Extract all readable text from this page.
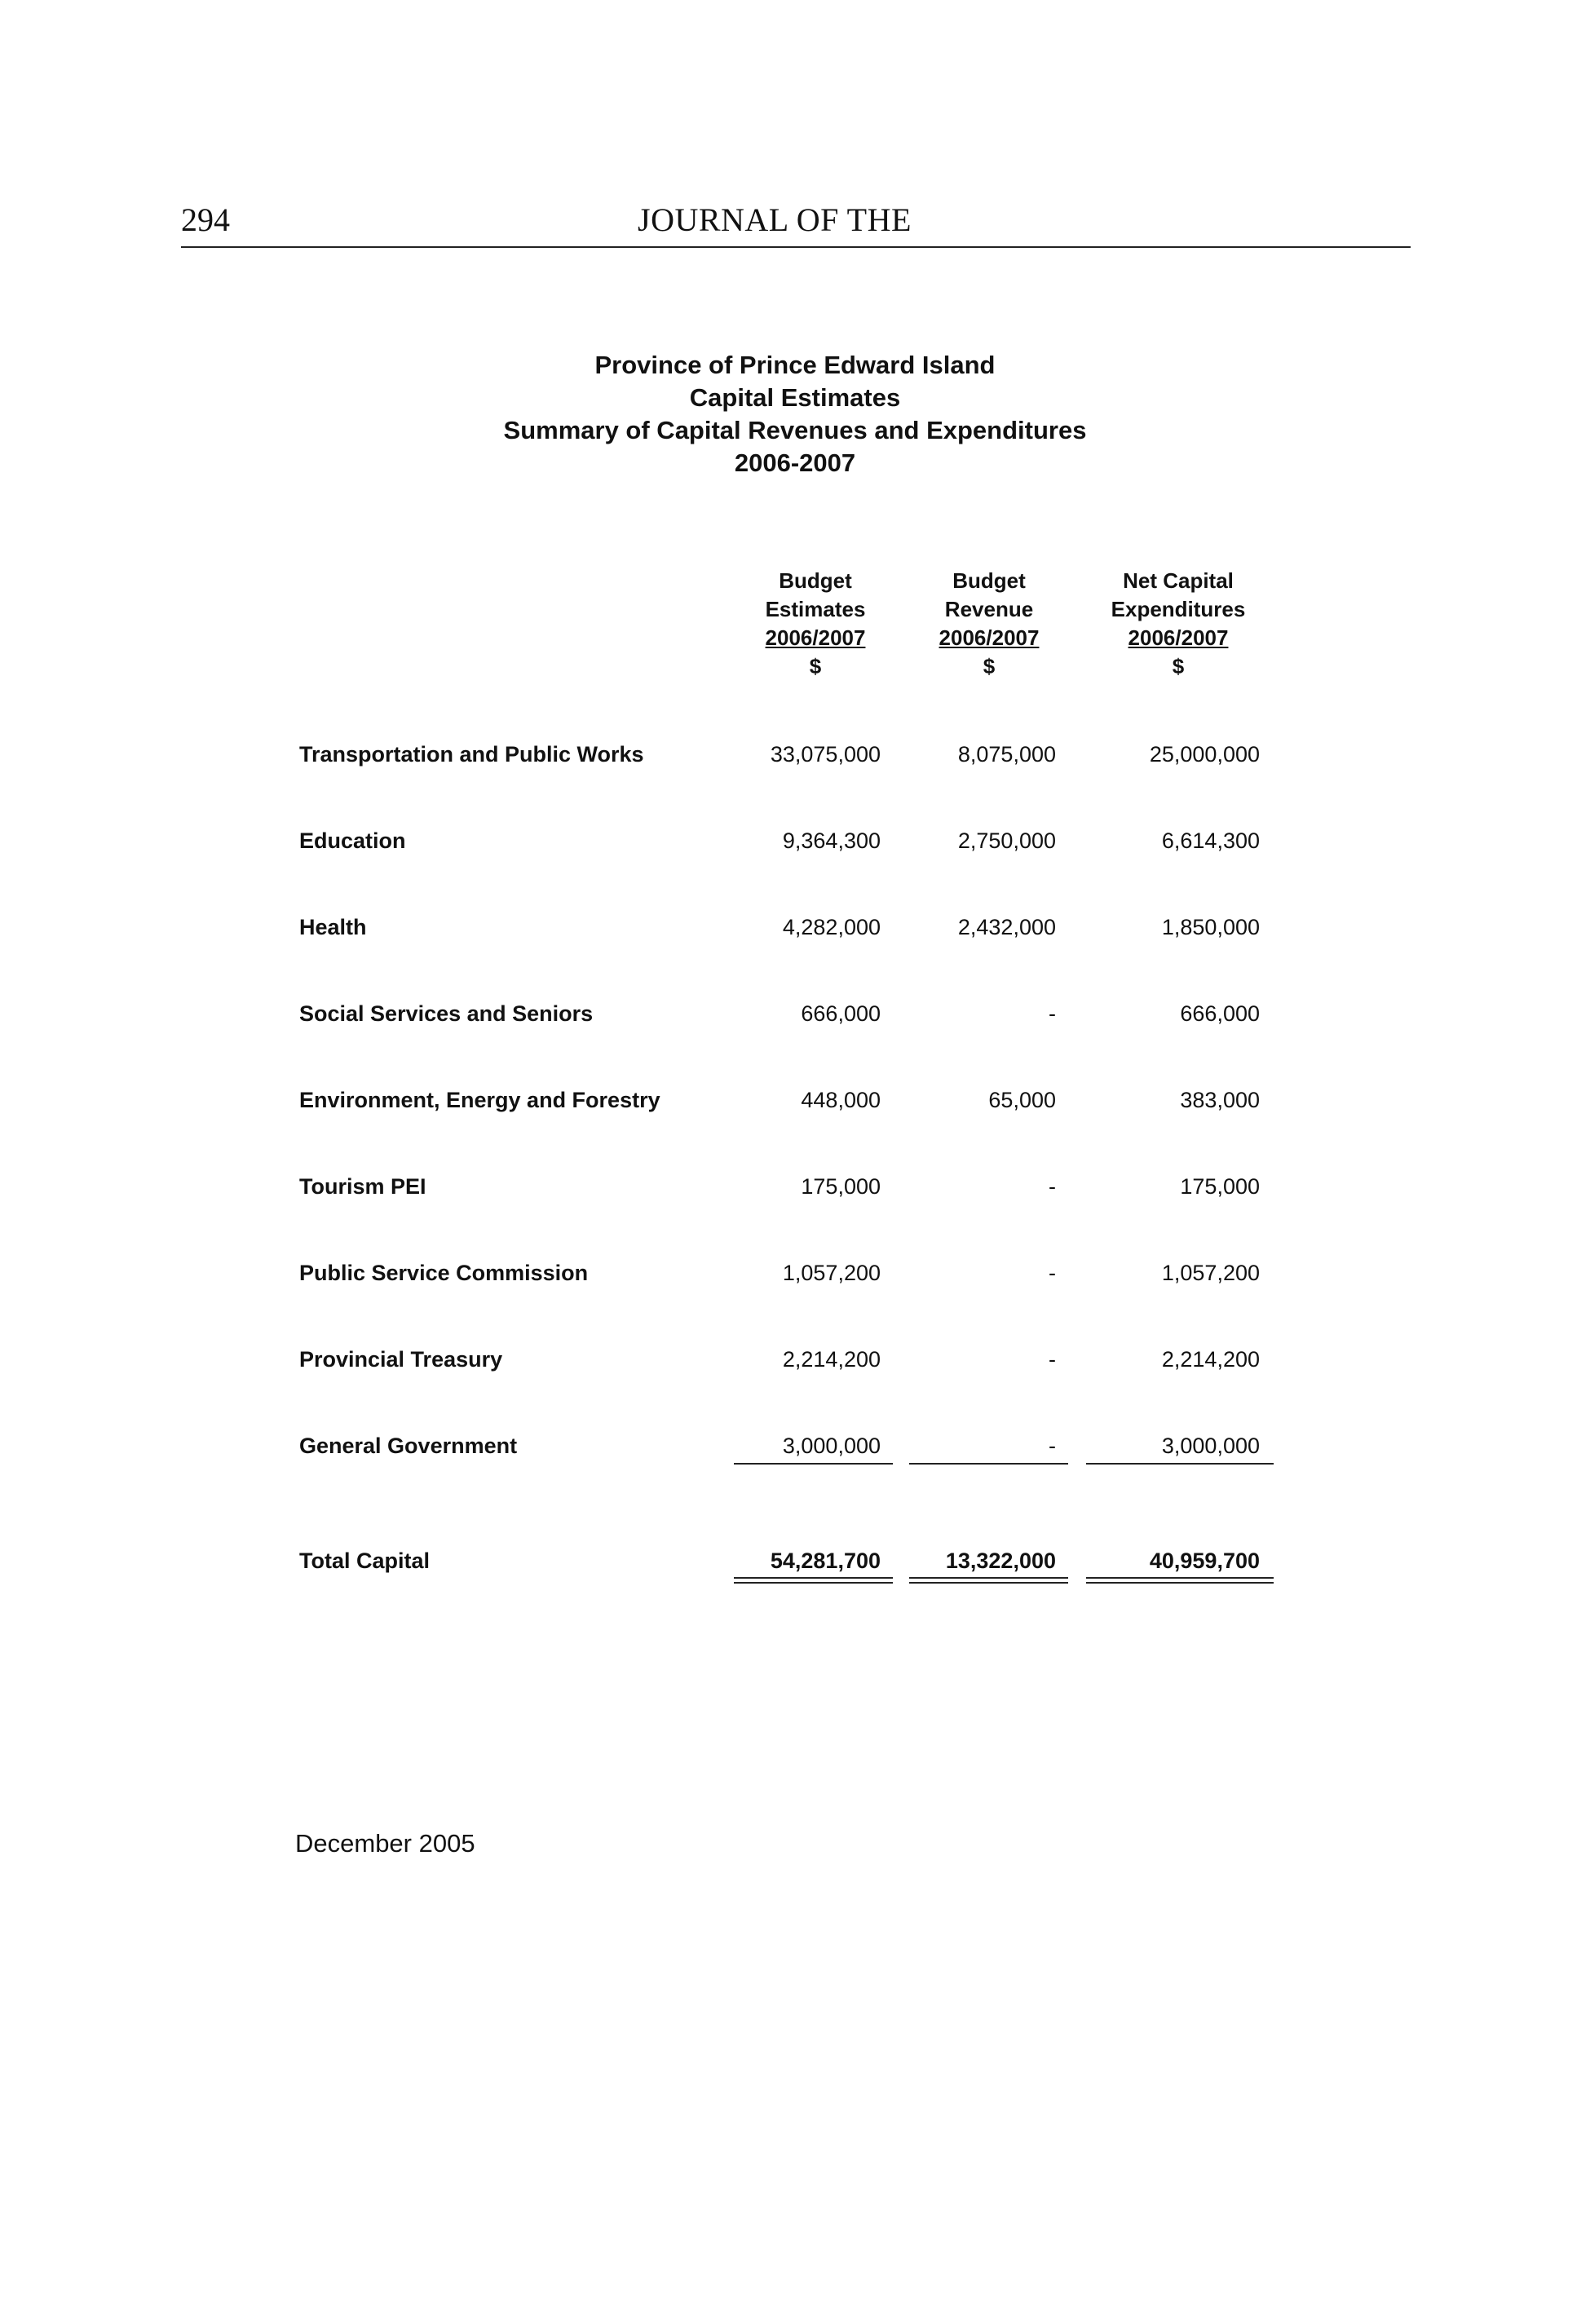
294	JOURNAL OF THE
Province of Prince Edward Island
Capital Estimates
Summary of Capital Revenues and Expenditures
2006-2007
Budget
Estimates
2006/2007
$
Budget
Revenue
2006/2007
$
Net Capital
Expenditures
2006/2007
$
Transportation and Public Works	33,075,000	8,075,000	25,000,000
Education	9,364,300	2,750,000	6,614,300
Health	4,282,000	2,432,000	1,850,000
Social Services and Seniors	666,000	-	666,000
Environment, Energy and Forestry	448,000	65,000	383,000
Tourism PEI	175,000	-	175,000
Public Service Commission	1,057,200	-	1,057,200
Provincial Treasury	2,214,200	-	2,214,200
General Government	3,000,000	-	3,000,000
Total Capital	54,281,700	13,322,000	40,959,700
December 2005
